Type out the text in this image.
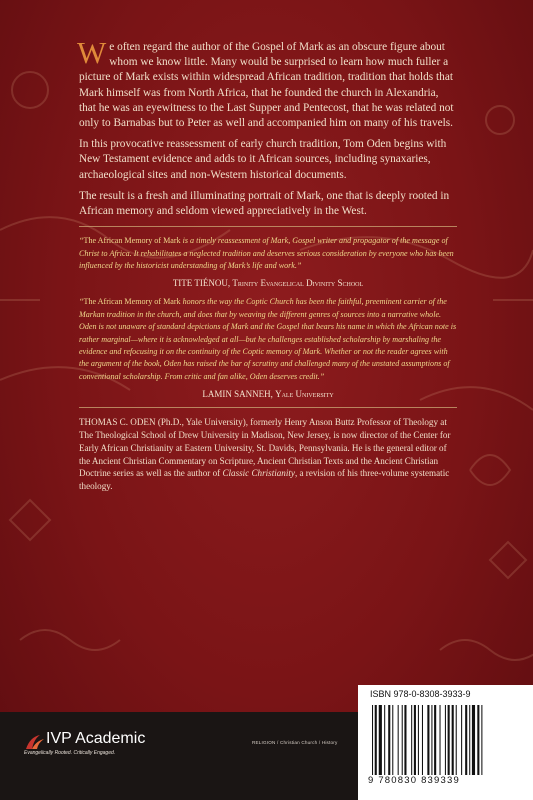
We often regard the author of the Gospel of Mark as an obscure figure about whom we know little. Many would be surprised to learn how much fuller a picture of Mark exists within widespread African tradition, tradition that holds that Mark himself was from North Africa, that he founded the church in Alexandria, that he was an eyewitness to the Last Supper and Pentecost, that he was related not only to Barnabas but to Peter as well and accompanied him on many of his travels.

In this provocative reassessment of early church tradition, Tom Oden begins with New Testament evidence and adds to it African sources, including synaxaries, archaeological sites and non-Western historical documents.

The result is a fresh and illuminating portrait of Mark, one that is deeply rooted in African memory and seldom viewed appreciatively in the West.

“The African Memory of Mark is a timely reassessment of Mark, Gospel writer and propagator of the message of Christ to Africa. It rehabilitates a neglected tradition and deserves serious consideration by everyone who has been influenced by the historicist understanding of Mark’s life and work.”

TITE TIÉNOU, Trinity Evangelical Divinity School

“The African Memory of Mark honors the way the Coptic Church has been the faithful, preeminent carrier of the Markan tradition in the church, and does that by weaving the different genres of sources into a narrative whole. Oden is not unaware of standard depictions of Mark and the Gospel that bears his name in which the African note is rather marginal—where it is acknowledged at all—but he challenges established scholarship by marshaling the evidence and refocusing it on the continuity of the Coptic memory of Mark. Whether or not the reader agrees with the argument of the book, Oden has raised the bar of scrutiny and challenged many of the unstated assumptions of conventional scholarship. From critic and fan alike, Oden deserves credit.”

LAMIN SANNEH, Yale University

THOMAS C. ODEN (Ph.D., Yale University), formerly Henry Anson Buttz Professor of Theology at The Theological School of Drew University in Madison, New Jersey, is now director of the Center for Early African Christianity at Eastern University, St. Davids, Pennsylvania. He is the general editor of the Ancient Christian Commentary on Scripture, Ancient Christian Texts and the Ancient Christian Doctrine series as well as the author of Classic Christianity, a revision of his three-volume systematic theology.

IVP Academic
Evangelically Rooted. Critically Engaged.
RELIGION / Christian Church / History
ISBN 978-0-8308-3933-9
9 780830 839339
